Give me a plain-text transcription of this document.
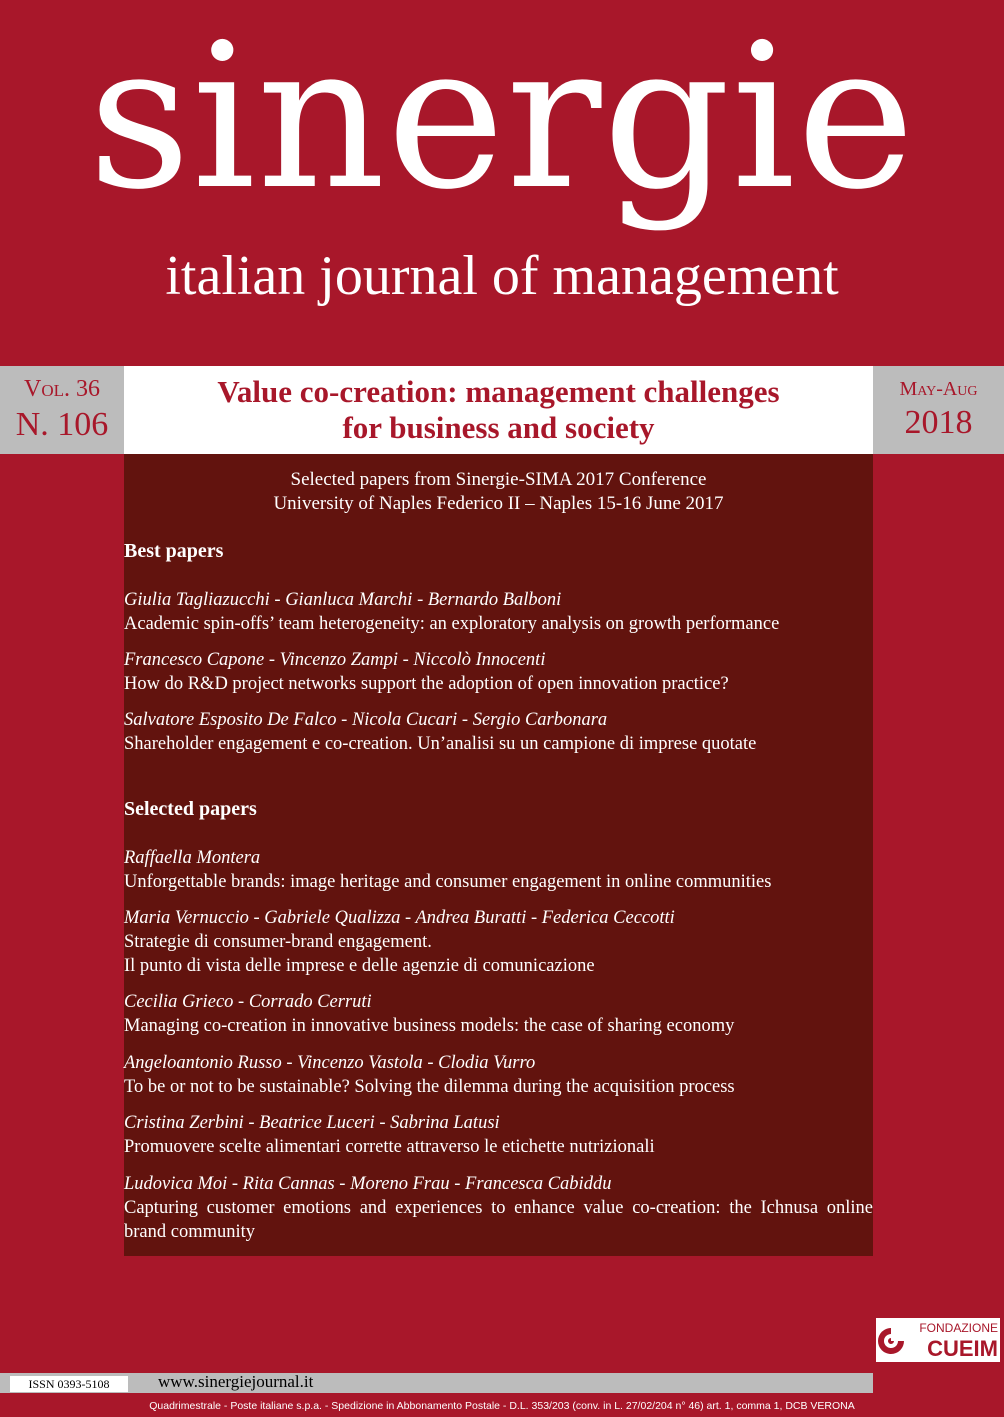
sinergie
italian journal of management
Vol. 36
N. 106
Value co-creation: management challenges
for business and society
May-Aug
2018
Selected papers from Sinergie-SIMA 2017 Conference
University of Naples Federico II – Naples 15-16 June 2017
Best papers
Giulia Tagliazucchi - Gianluca Marchi - Bernardo Balboni
Academic spin-offs’ team heterogeneity: an exploratory analysis on growth performance
Francesco Capone - Vincenzo Zampi - Niccolò Innocenti
How do R&D project networks support the adoption of open innovation practice?
Salvatore Esposito De Falco - Nicola Cucari - Sergio Carbonara
Shareholder engagement e co-creation. Un’analisi su un campione di imprese quotate
Selected papers
Raffaella Montera
Unforgettable brands: image heritage and consumer engagement in online communities
Maria Vernuccio - Gabriele Qualizza - Andrea Buratti - Federica Ceccotti
Strategie di consumer-brand engagement.
Il punto di vista delle imprese e delle agenzie di comunicazione
Cecilia Grieco - Corrado Cerruti
Managing co-creation in innovative business models: the case of sharing economy
Angeloantonio Russo - Vincenzo Vastola - Clodia Vurro
To be or not to be sustainable? Solving the dilemma during the acquisition process
Cristina Zerbini - Beatrice Luceri - Sabrina Latusi
Promuovere scelte alimentari corrette attraverso le etichette nutrizionali
Ludovica Moi - Rita Cannas - Moreno Frau - Francesca Cabiddu
Capturing customer emotions and experiences to enhance value co-creation: the Ichnusa online brand community
FONDAZIONE
CUEIM
ISSN 0393-5108	www.sinergiejournal.it
Quadrimestrale - Poste italiane s.p.a. - Spedizione in Abbonamento Postale - D.L. 353/203 (conv. in L. 27/02/204 n° 46) art. 1, comma 1, DCB VERONA
